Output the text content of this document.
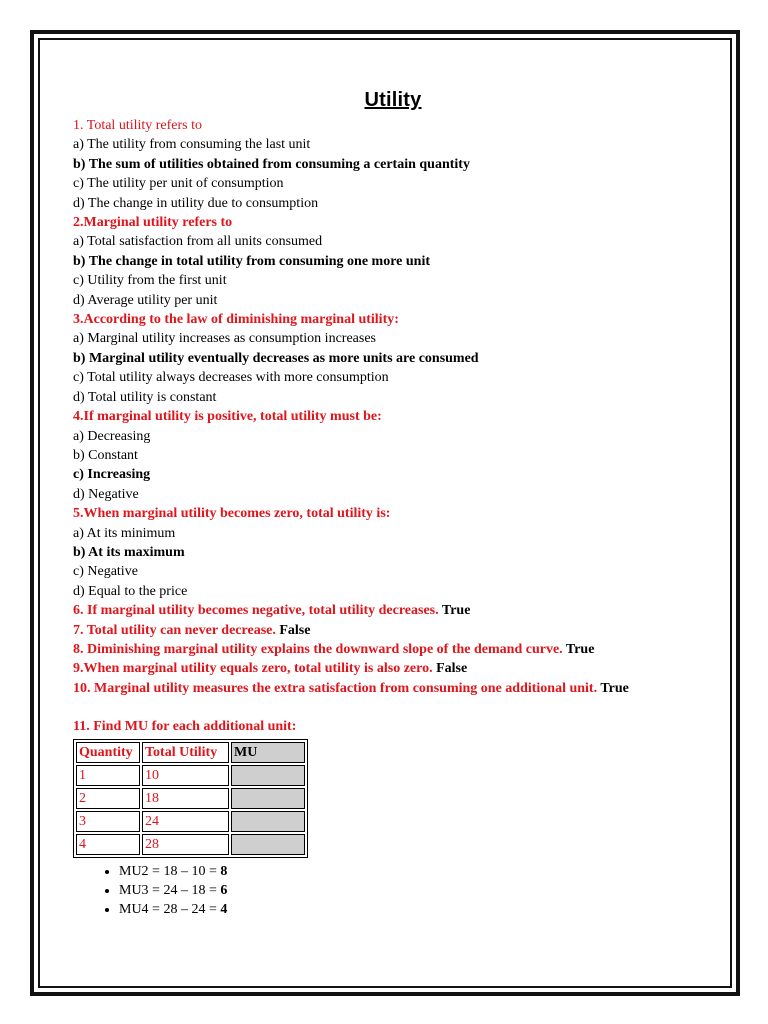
Utility
1. Total utility refers to
a) The utility from consuming the last unit
b) The sum of utilities obtained from consuming a certain quantity
c) The utility per unit of consumption
d) The change in utility due to consumption
2.Marginal utility refers to
a) Total satisfaction from all units consumed
b) The change in total utility from consuming one more unit
c) Utility from the first unit
d) Average utility per unit
3.According to the law of diminishing marginal utility:
a) Marginal utility increases as consumption increases
b) Marginal utility eventually decreases as more units are consumed
c) Total utility always decreases with more consumption
d) Total utility is constant
4.If marginal utility is positive, total utility must be:
a) Decreasing
b) Constant
c) Increasing
d) Negative
5.When marginal utility becomes zero, total utility is:
a) At its minimum
b) At its maximum
c) Negative
d) Equal to the price
6. If marginal utility becomes negative, total utility decreases. True
7. Total utility can never decrease. False
8. Diminishing marginal utility explains the downward slope of the demand curve. True
9.When marginal utility equals zero, total utility is also zero. False
10. Marginal utility measures the extra satisfaction from consuming one additional unit. True
11. Find MU for each additional unit:
Quantity	Total Utility	MU
1	10	
2	18	
3	24	
4	28	
• MU2 = 18 – 10 = 8
• MU3 = 24 – 18 = 6
• MU4 = 28 – 24 = 4
